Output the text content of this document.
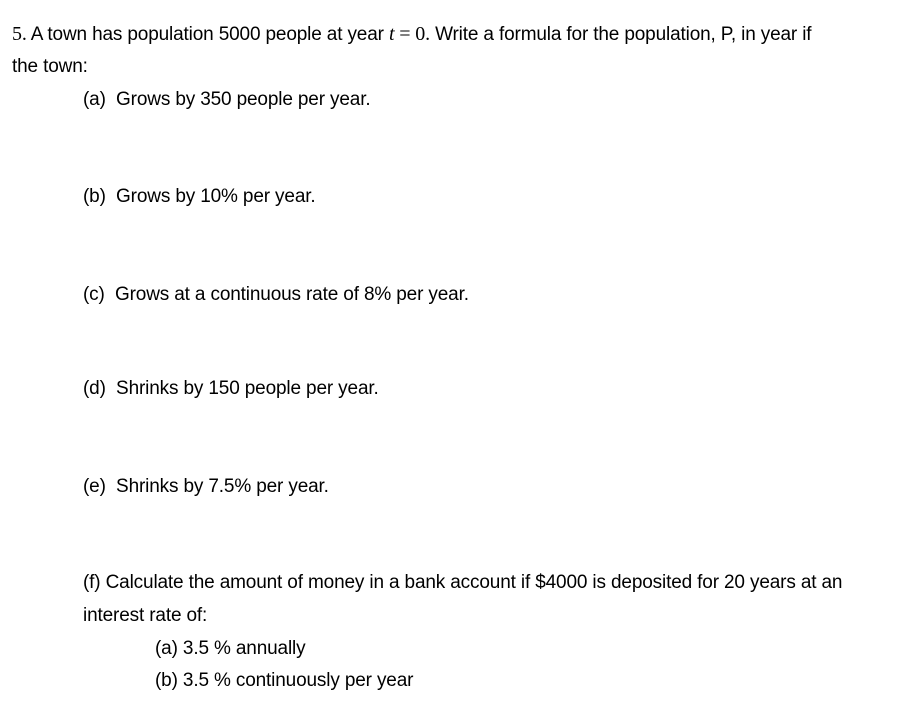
5. A town has population 5000 people at year t = 0. Write a formula for the population, P, in year if
the town:
(a) Grows by 350 people per year.
(b) Grows by 10% per year.
(c) Grows at a continuous rate of 8% per year.
(d) Shrinks by 150 people per year.
(e) Shrinks by 7.5% per year.
(f) Calculate the amount of money in a bank account if $4000 is deposited for 20 years at an
interest rate of:
(a) 3.5 % annually
(b) 3.5 % continuously per year
